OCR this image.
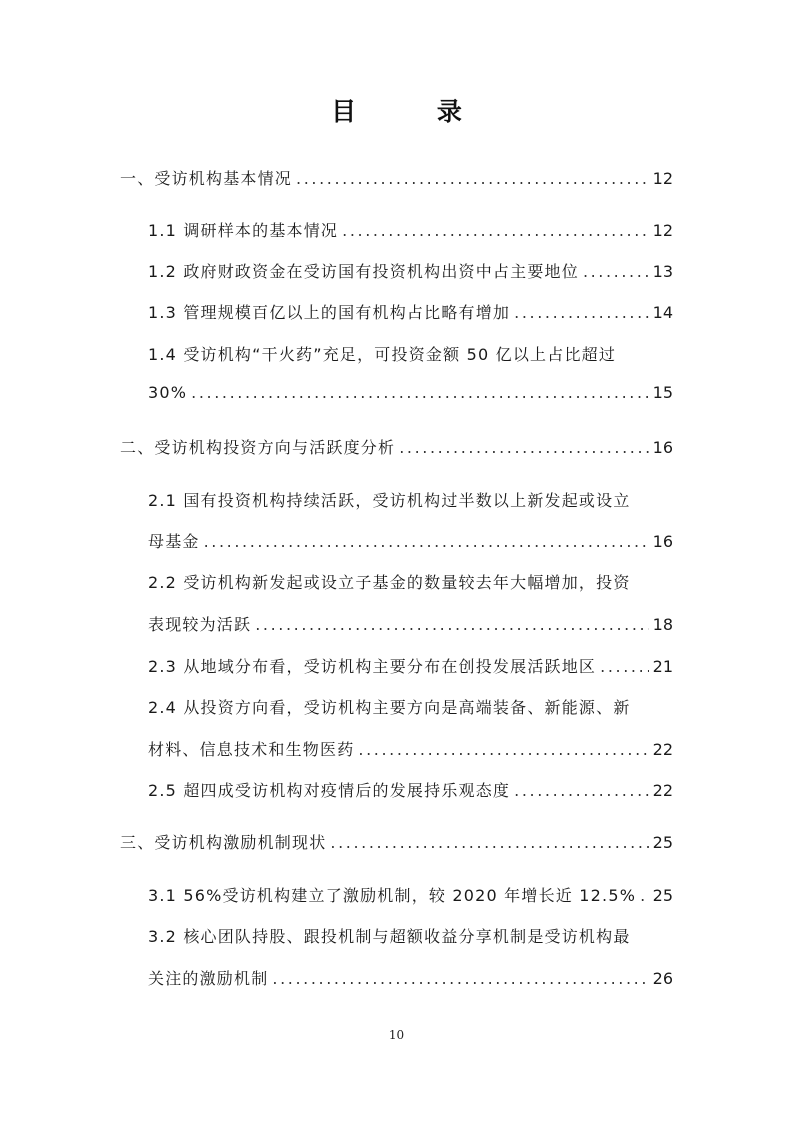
目 录
一、受访机构基本情况 .....	12
1.1 调研样本的基本情况 .....	12
1.2 政府财政资金在受访国有投资机构出资中占主要地位 .....	13
1.3 管理规模百亿以上的国有机构占比略有增加 .....	14
1.4 受访机构“干火药”充足，可投资金额 50 亿以上占比超过
30% .....	15
二、受访机构投资方向与活跃度分析 .....	16
2.1 国有投资机构持续活跃，受访机构过半数以上新发起或设立
母基金 .....	16
2.2 受访机构新发起或设立子基金的数量较去年大幅增加，投资
表现较为活跃 .....	18
2.3 从地域分布看，受访机构主要分布在创投发展活跃地区 .....	21
2.4 从投资方向看，受访机构主要方向是高端装备、新能源、新
材料、信息技术和生物医药 .....	22
2.5 超四成受访机构对疫情后的发展持乐观态度 .....	22
三、受访机构激励机制现状 .....	25
3.1 56%受访机构建立了激励机制，较 2020 年增长近 12.5% ..... 25
3.2 核心团队持股、跟投机制与超额收益分享机制是受访机构最
关注的激励机制 .....	26
10
